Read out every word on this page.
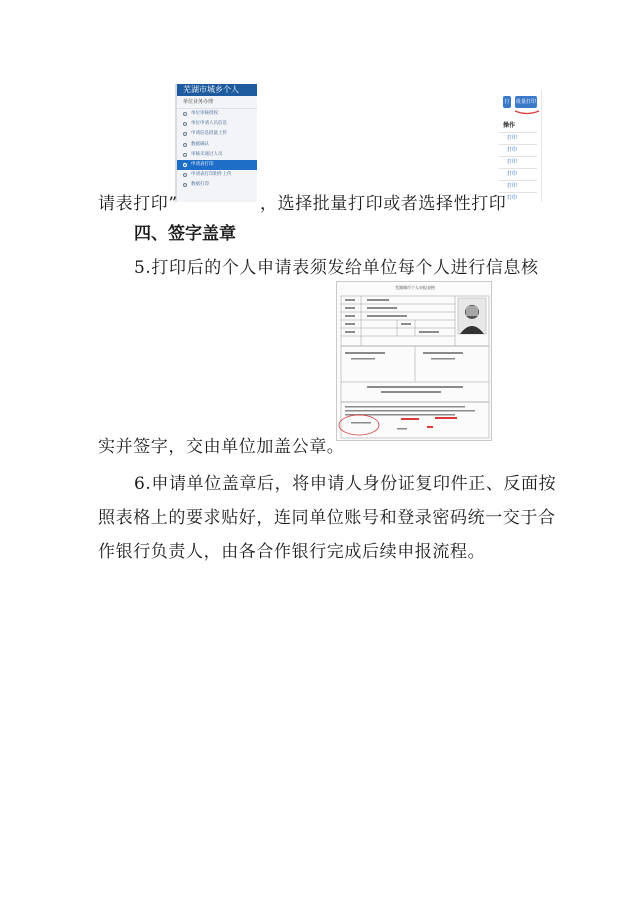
芜湖市城乡个人
单位业务办理
单位审核授权
单位申请人员信息
申请信息批量上传
数据确认
审核未通过人员
申请表打印
申请表打印附件上传
数据打印
打印
批量打印
操作
打印
打印
打印
打印
打印
打印
请表打印”	，选择批量打印或者选择性打印
四、签字盖章
5.打印后的个人申请表须发给单位每个人进行信息核
芜湖城市个人申报表格
实并签字，交由单位加盖公章。
6.申请单位盖章后，将申请人身份证复印件正、反面按
照表格上的要求贴好，连同单位账号和登录密码统一交于合
作银行负责人，由各合作银行完成后续申报流程。
